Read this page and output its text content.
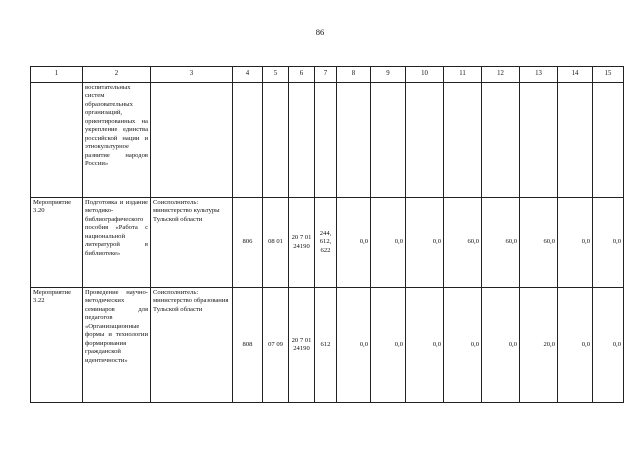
86
1	2	3	4	5	6	7	8	9	10	11	12	13	14	15
	воспитательных систем образовательных организаций, ориентированных на укрепление единства российской нации и этнокультурное развитие народов России»													
Мероприятие 3.20	Подготовка и издание методико-библиографического пособия «Работа с национальной литературой в библиотеке»	Соисполнитель: министерство культуры Тульской области	806	08 01	20 7 01 24190	244, 612, 622	0,0	0,0	0,0	60,0	60,0	60,0	0,0	0,0
Мероприятие 3.22	Проведение научно-методических семинаров для педагогов «Организационные формы и технологии формирования гражданской идентичности»	Соисполнитель: министерство образования Тульской области	808	07 09	20 7 01 24190	612	0,0	0,0	0,0	0,0	0,0	20,0	0,0	0,0
